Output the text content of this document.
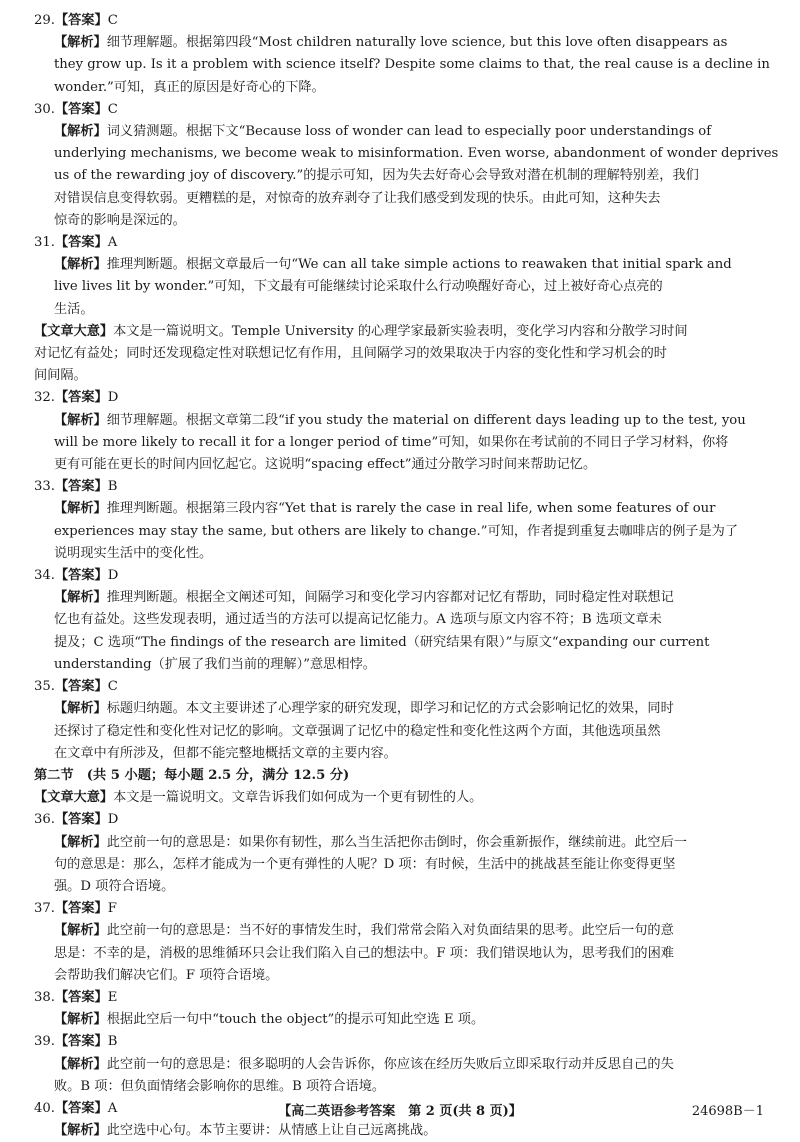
29.【答案】C
【解析】细节理解题。根据第四段“Most children naturally love science, but this love often disappears as
they grow up. Is it a problem with science itself? Despite some claims to that, the real cause is a decline in
wonder.”可知，真正的原因是好奇心的下降。
30.【答案】C
【解析】词义猜测题。根据下文“Because loss of wonder can lead to especially poor understandings of
underlying mechanisms, we become weak to misinformation. Even worse, abandonment of wonder deprives
us of the rewarding joy of discovery.”的提示可知，因为失去好奇心会导致对潜在机制的理解特别差，我们
对错误信息变得软弱。更糟糕的是，对惊奇的放弃剥夺了让我们感受到发现的快乐。由此可知，这种失去
惊奇的影响是深远的。
31.【答案】A
【解析】推理判断题。根据文章最后一句“We can all take simple actions to reawaken that initial spark and
live lives lit by wonder.”可知，下文最有可能继续讨论采取什么行动唤醒好奇心，过上被好奇心点亮的
生活。
【文章大意】本文是一篇说明文。Temple University 的心理学家最新实验表明，变化学习内容和分散学习时间
对记忆有益处；同时还发现稳定性对联想记忆有作用，且间隔学习的效果取决于内容的变化性和学习机会的时
间间隔。
32.【答案】D
【解析】细节理解题。根据文章第二段“if you study the material on different days leading up to the test, you
will be more likely to recall it for a longer period of time”可知，如果你在考试前的不同日子学习材料，你将
更有可能在更长的时间内回忆起它。这说明“spacing effect”通过分散学习时间来帮助记忆。
33.【答案】B
【解析】推理判断题。根据第三段内容“Yet that is rarely the case in real life, when some features of our
experiences may stay the same, but others are likely to change.”可知，作者提到重复去咖啡店的例子是为了
说明现实生活中的变化性。
34.【答案】D
【解析】推理判断题。根据全文阐述可知，间隔学习和变化学习内容都对记忆有帮助，同时稳定性对联想记
忆也有益处。这些发现表明，通过适当的方法可以提高记忆能力。A 选项与原文内容不符；B 选项文章未
提及；C 选项“The findings of the research are limited（研究结果有限）”与原文“expanding our current
understanding（扩展了我们当前的理解）”意思相悖。
35.【答案】C
【解析】标题归纳题。本文主要讲述了心理学家的研究发现，即学习和记忆的方式会影响记忆的效果，同时
还探讨了稳定性和变化性对记忆的影响。文章强调了记忆中的稳定性和变化性这两个方面，其他选项虽然
在文章中有所涉及，但都不能完整地概括文章的主要内容。
第二节　(共 5 小题；每小题 2.5 分，满分 12.5 分)
【文章大意】本文是一篇说明文。文章告诉我们如何成为一个更有韧性的人。
36.【答案】D
【解析】此空前一句的意思是：如果你有韧性，那么当生活把你击倒时，你会重新振作，继续前进。此空后一
句的意思是：那么，怎样才能成为一个更有弹性的人呢？D 项：有时候，生活中的挑战甚至能让你变得更坚
强。D 项符合语境。
37.【答案】F
【解析】此空前一句的意思是：当不好的事情发生时，我们常常会陷入对负面结果的思考。此空后一句的意
思是：不幸的是，消极的思维循环只会让我们陷入自己的想法中。F 项：我们错误地认为，思考我们的困难
会帮助我们解决它们。F 项符合语境。
38.【答案】E
【解析】根据此空后一句中“touch the object”的提示可知此空选 E 项。
39.【答案】B
【解析】此空前一句的意思是：很多聪明的人会告诉你，你应该在经历失败后立即采取行动并反思自己的失
败。B 项：但负面情绪会影响你的思维。B 项符合语境。
40.【答案】A
【解析】此空选中心句。本节主要讲：从情感上让自己远离挑战。
【高二英语参考答案　第 2 页(共 8 页)】	24698B－1
